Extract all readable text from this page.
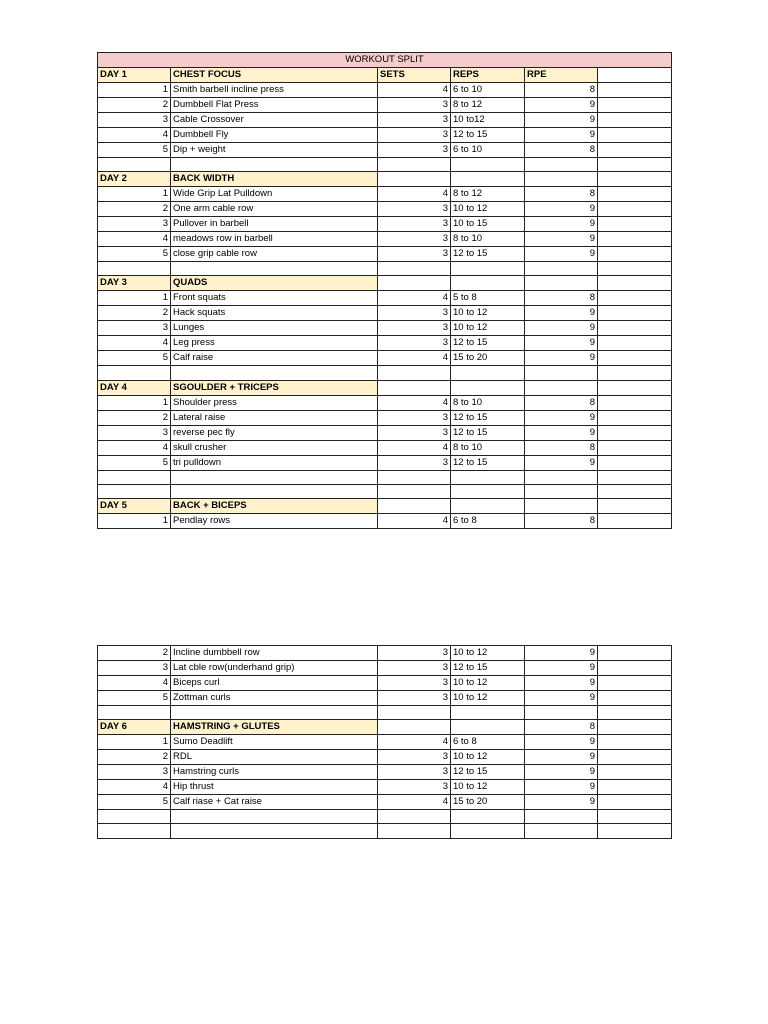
WORKOUT SPLIT					
DAY 1	CHEST FOCUS	SETS	REPS	RPE	
1	Smith barbell incline press	4	6 to 10	8	
2	Dumbbell Flat Press	3	8 to 12	9	
3	Cable Crossover	3	10 to12	9	
4	Dumbbell Fly	3	12 to 15	9	
5	Dip + weight	3	6 to 10	8	

DAY 2	BACK WIDTH				
1	Wide Grip Lat Pulldown	4	8 to 12	8	
2	One arm cable row	3	10 to 12	9	
3	Pullover in barbell	3	10 to 15	9	
4	meadows row in barbell	3	8 to 10	9	
5	close grip cable row	3	12 to 15	9	

DAY 3	QUADS				
1	Front squats	4	5 to 8	8	
2	Hack squats	3	10 to 12	9	
3	Lunges	3	10 to 12	9	
4	Leg press	3	12 to 15	9	
5	Calf raise	4	15 to 20	9	

DAY 4	SGOULDER + TRICEPS				
1	Shoulder press	4	8 to 10	8	
2	Lateral raise	3	12 to 15	9	
3	reverse pec fly	3	12 to 15	9	
4	skull crusher	4	8 to 10	8	
5	tri pulldown	3	12 to 15	9	

DAY 5	BACK + BICEPS				
1	Pendlay rows	4	6 to 8	8	
2	Incline dumbbell row	3	10 to 12	9	
3	Lat cble row(underhand grip)	3	12 to 15	9	
4	Biceps curl	3	10 to 12	9	
5	Zottman curls	3	10 to 12	9	

DAY 6	HAMSTRING + GLUTES			8	
1	Sumo Deadlift	4	6 to 8	9	
2	RDL	3	10 to 12	9	
3	Hamstring curls	3	12 to 15	9	
4	Hip thrust	3	10 to 12	9	
5	Calf riase + Cat raise	4	15 to 20	9	
